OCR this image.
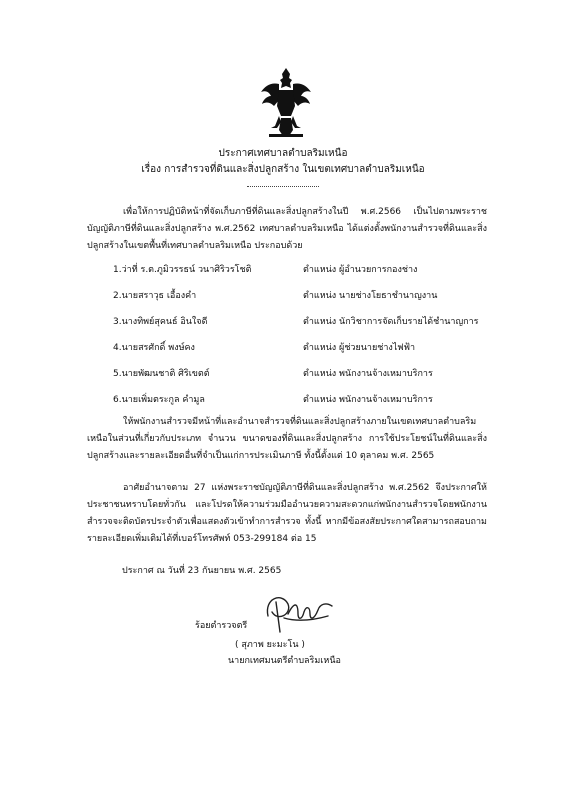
ประกาศเทศบาลตำบลริมเหนือ
เรื่อง การสำรวจที่ดินและสิ่งปลูกสร้าง ในเขตเทศบาลตำบลริมเหนือ
เพื่อให้การปฏิบัติหน้าที่จัดเก็บภาษีที่ดินและสิ่งปลูกสร้างในปี พ.ศ.2566 เป็นไปตามพระราชบัญญัติภาษีที่ดินและสิ่งปลูกสร้าง พ.ศ.2562 เทศบาลตำบลริมเหนือ ได้แต่งตั้งพนักงานสำรวจที่ดินและสิ่งปลูกสร้างในเขตพื้นที่เทศบาลตำบลริมเหนือ ประกอบด้วย
1.ว่าที่ ร.ต.ภูมิวรรธน์ วนาศิริวรโชติ	ตำแหน่ง ผู้อำนวยการกองช่าง
2.นายสราวุธ เอื้องคำ	ตำแหน่ง นายช่างโยธาชำนาญงาน
3.นางทิพย์สุคนธ์ อินใจดี	ตำแหน่ง นักวิชาการจัดเก็บรายได้ชำนาญการ
4.นายสรศักดิ์ พงษ์คง	ตำแหน่ง ผู้ช่วยนายช่างไฟฟ้า
5.นายพัฒนชาติ ศิริเขตต์	ตำแหน่ง พนักงานจ้างเหมาบริการ
6.นายเพิ่มตระกูล คำมูล	ตำแหน่ง พนักงานจ้างเหมาบริการ
ให้พนักงานสำรวจมีหน้าที่และอำนาจสำรวจที่ดินและสิ่งปลูกสร้างภายในเขตเทศบาลตำบลริมเหนือในส่วนที่เกี่ยวกับประเภท จำนวน ขนาดของที่ดินและสิ่งปลูกสร้าง การใช้ประโยชน์ในที่ดินและสิ่งปลูกสร้างและรายละเอียดอื่นที่จำเป็นแก่การประเมินภาษี ทั้งนี้ตั้งแต่ 10 ตุลาคม พ.ศ. 2565
อาศัยอำนาจตาม 27 แห่งพระราชบัญญัติภาษีที่ดินและสิ่งปลูกสร้าง พ.ศ.2562 จึงประกาศให้ประชาชนทราบโดยทั่วกัน และโปรดให้ความร่วมมืออำนวยความสะดวกแก่พนักงานสำรวจโดยพนักงานสำรวจจะติดบัตรประจำตัวเพื่อแสดงตัวเข้าทำการสำรวจ ทั้งนี้ หากมีข้อสงสัยประกาศใดสามารถสอบถามรายละเอียดเพิ่มเติมได้ที่เบอร์โทรศัพท์ 053-299184 ต่อ 15
ประกาศ ณ วันที่ 23 กันยายน พ.ศ. 2565
ร้อยตำรวจตรี
( สุภาพ ยะมะโน )
นายกเทศมนตรีตำบลริมเหนือ
